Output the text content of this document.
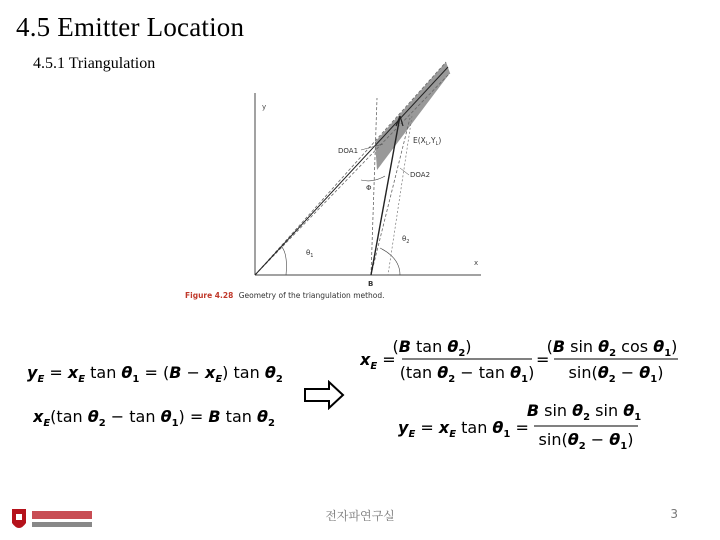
4.5 Emitter Location
4.5.1 Triangulation
y
x
DOA1
DOA2
$E(X_L,Y_L)$
Φ
$\theta_1$
$\theta_2$
B
Figure 4.28 Geometry of the triangulation method.
$y_E = x_E$ $\tan \theta_1 = (B - x_E)$ $\tan \theta_2$
$x_E(\tan$ $\theta_2 - \tan \theta_1) = B$ $\tan \theta_2$
$x_E$ =
(B $\tan \theta_2$)
(tan $\theta_2 - \tan \theta_1$)
=
(B $\sin \theta_2$ $\cos \theta_1$)
$\sin(\theta_2 - \theta_1)$
$y_E = x_E$ $\tan \theta_1$ =
B $\sin \theta_2$ $\sin \theta_1$
$\sin(\theta_2 - \theta_1)$
전자파연구실	3
